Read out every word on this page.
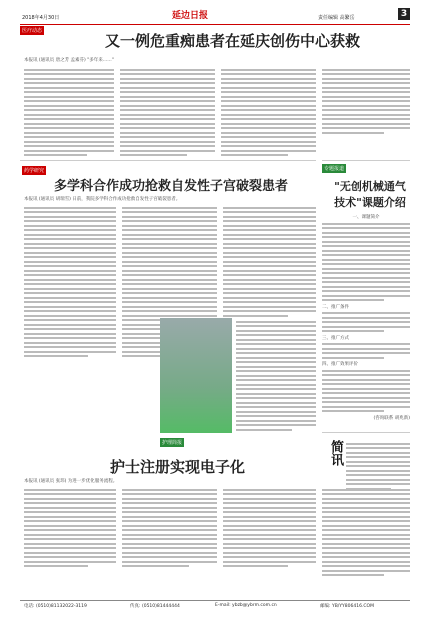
2018年4月30日	延边日报	责任编辑 高繁岳	3
医疗动态
又一例危重痴患者在延庆创伤中心获救
本报讯 (通讯员 唐之芳 孟素芬) "多年来……"
药学研究
多学科合作成功抢救自发性子宫破裂患者
本报讯 (通讯员 胡瑞雪) 日前，我院多学科合作成功抢救自发性子宫破裂患者。
护理简报
护士注册实现电子化
本报讯 (通讯员 张玮) 为进一步优化服务流程。
专题报道
"无创机械通气技术"课题介绍
一、课题简介
二、推广条件
三、推广方式
四、推广效果评价
(咨询联系 胡兆新)
简讯
电话: (0510)81132022-3119	传真: (0510)81444444	E-mail: ybzb@ybrm.com.cn	邮编: YB/YY806416.COM
